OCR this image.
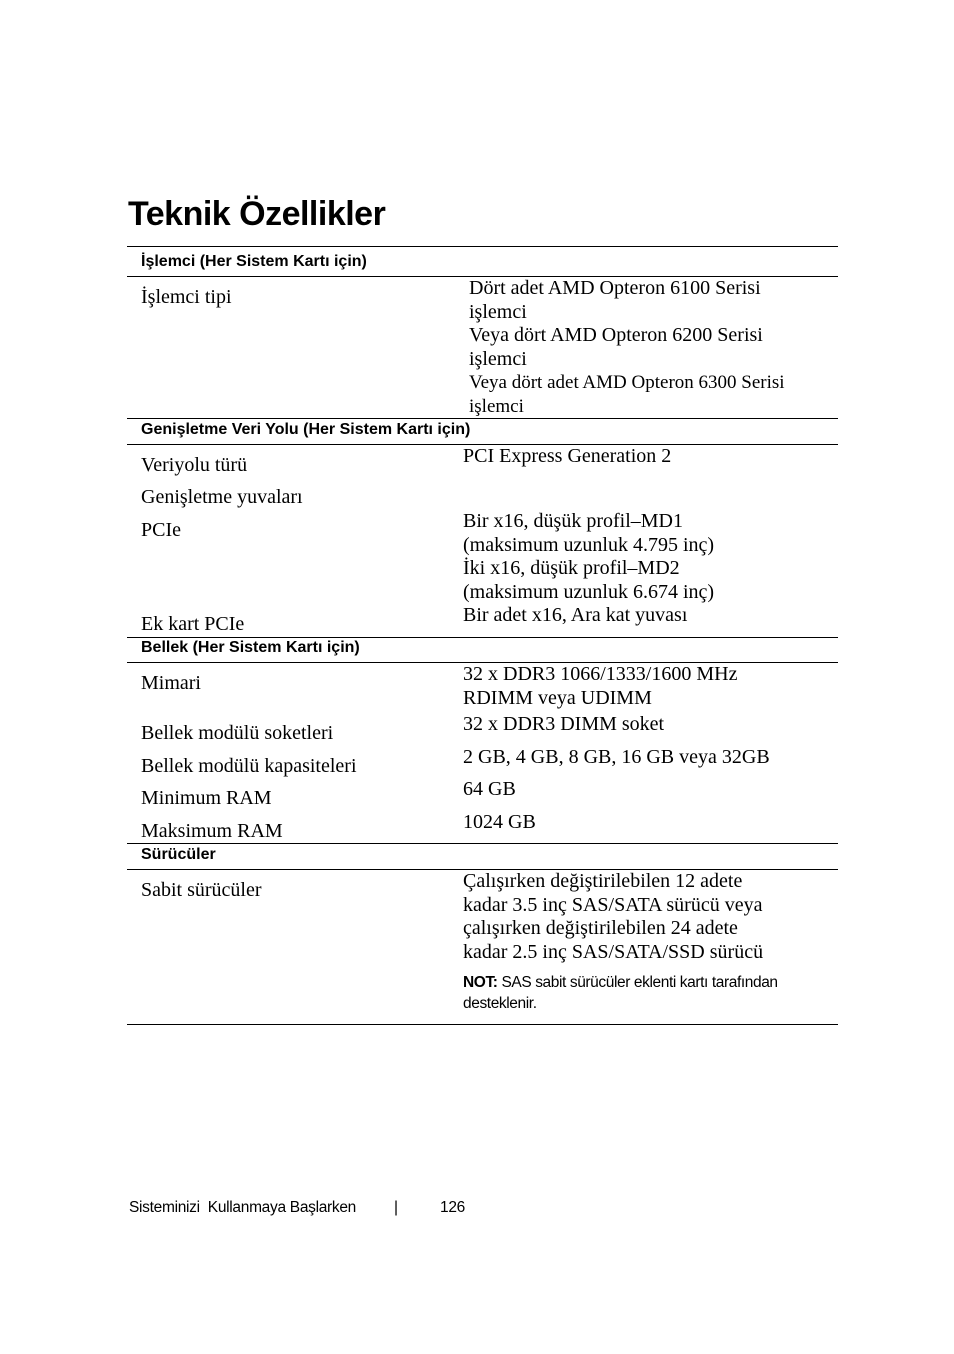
Teknik Özellikler
İşlemci (Her Sistem Kartı için)
İşlemci tipi	Dört adet AMD Opteron 6100 Serisi
işlemci
Veya dört AMD Opteron 6200 Serisi
işlemci
Veya dört adet AMD Opteron 6300 Serisi
işlemci
Genişletme Veri Yolu (Her Sistem Kartı için)
Veriyolu türü	PCI Express Generation 2
Genişletme yuvaları
PCIe	Bir x16, düşük profil–MD1
(maksimum uzunluk 4.795 inç)
İki x16, düşük profil–MD2
(maksimum uzunluk 6.674 inç)
Ek kart PCIe	Bir adet x16, Ara kat yuvası
Bellek (Her Sistem Kartı için)
Mimari	32 x DDR3 1066/1333/1600 MHz
RDIMM veya UDIMM
Bellek modülü soketleri	32 x DDR3 DIMM soket
Bellek modülü kapasiteleri	2 GB, 4 GB, 8 GB, 16 GB veya 32GB
Minimum RAM	64 GB
Maksimum RAM	1024 GB
Sürücüler
Sabit sürücüler	Çalışırken değiştirilebilen 12 adete
kadar 3.5 inç SAS/SATA sürücü veya
çalışırken değiştirilebilen 24 adete
kadar 2.5 inç SAS/SATA/SSD sürücü
NOT: SAS sabit sürücüler eklenti kartı tarafından desteklenir.
Sisteminizi  Kullanmaya Başlarken |	126
